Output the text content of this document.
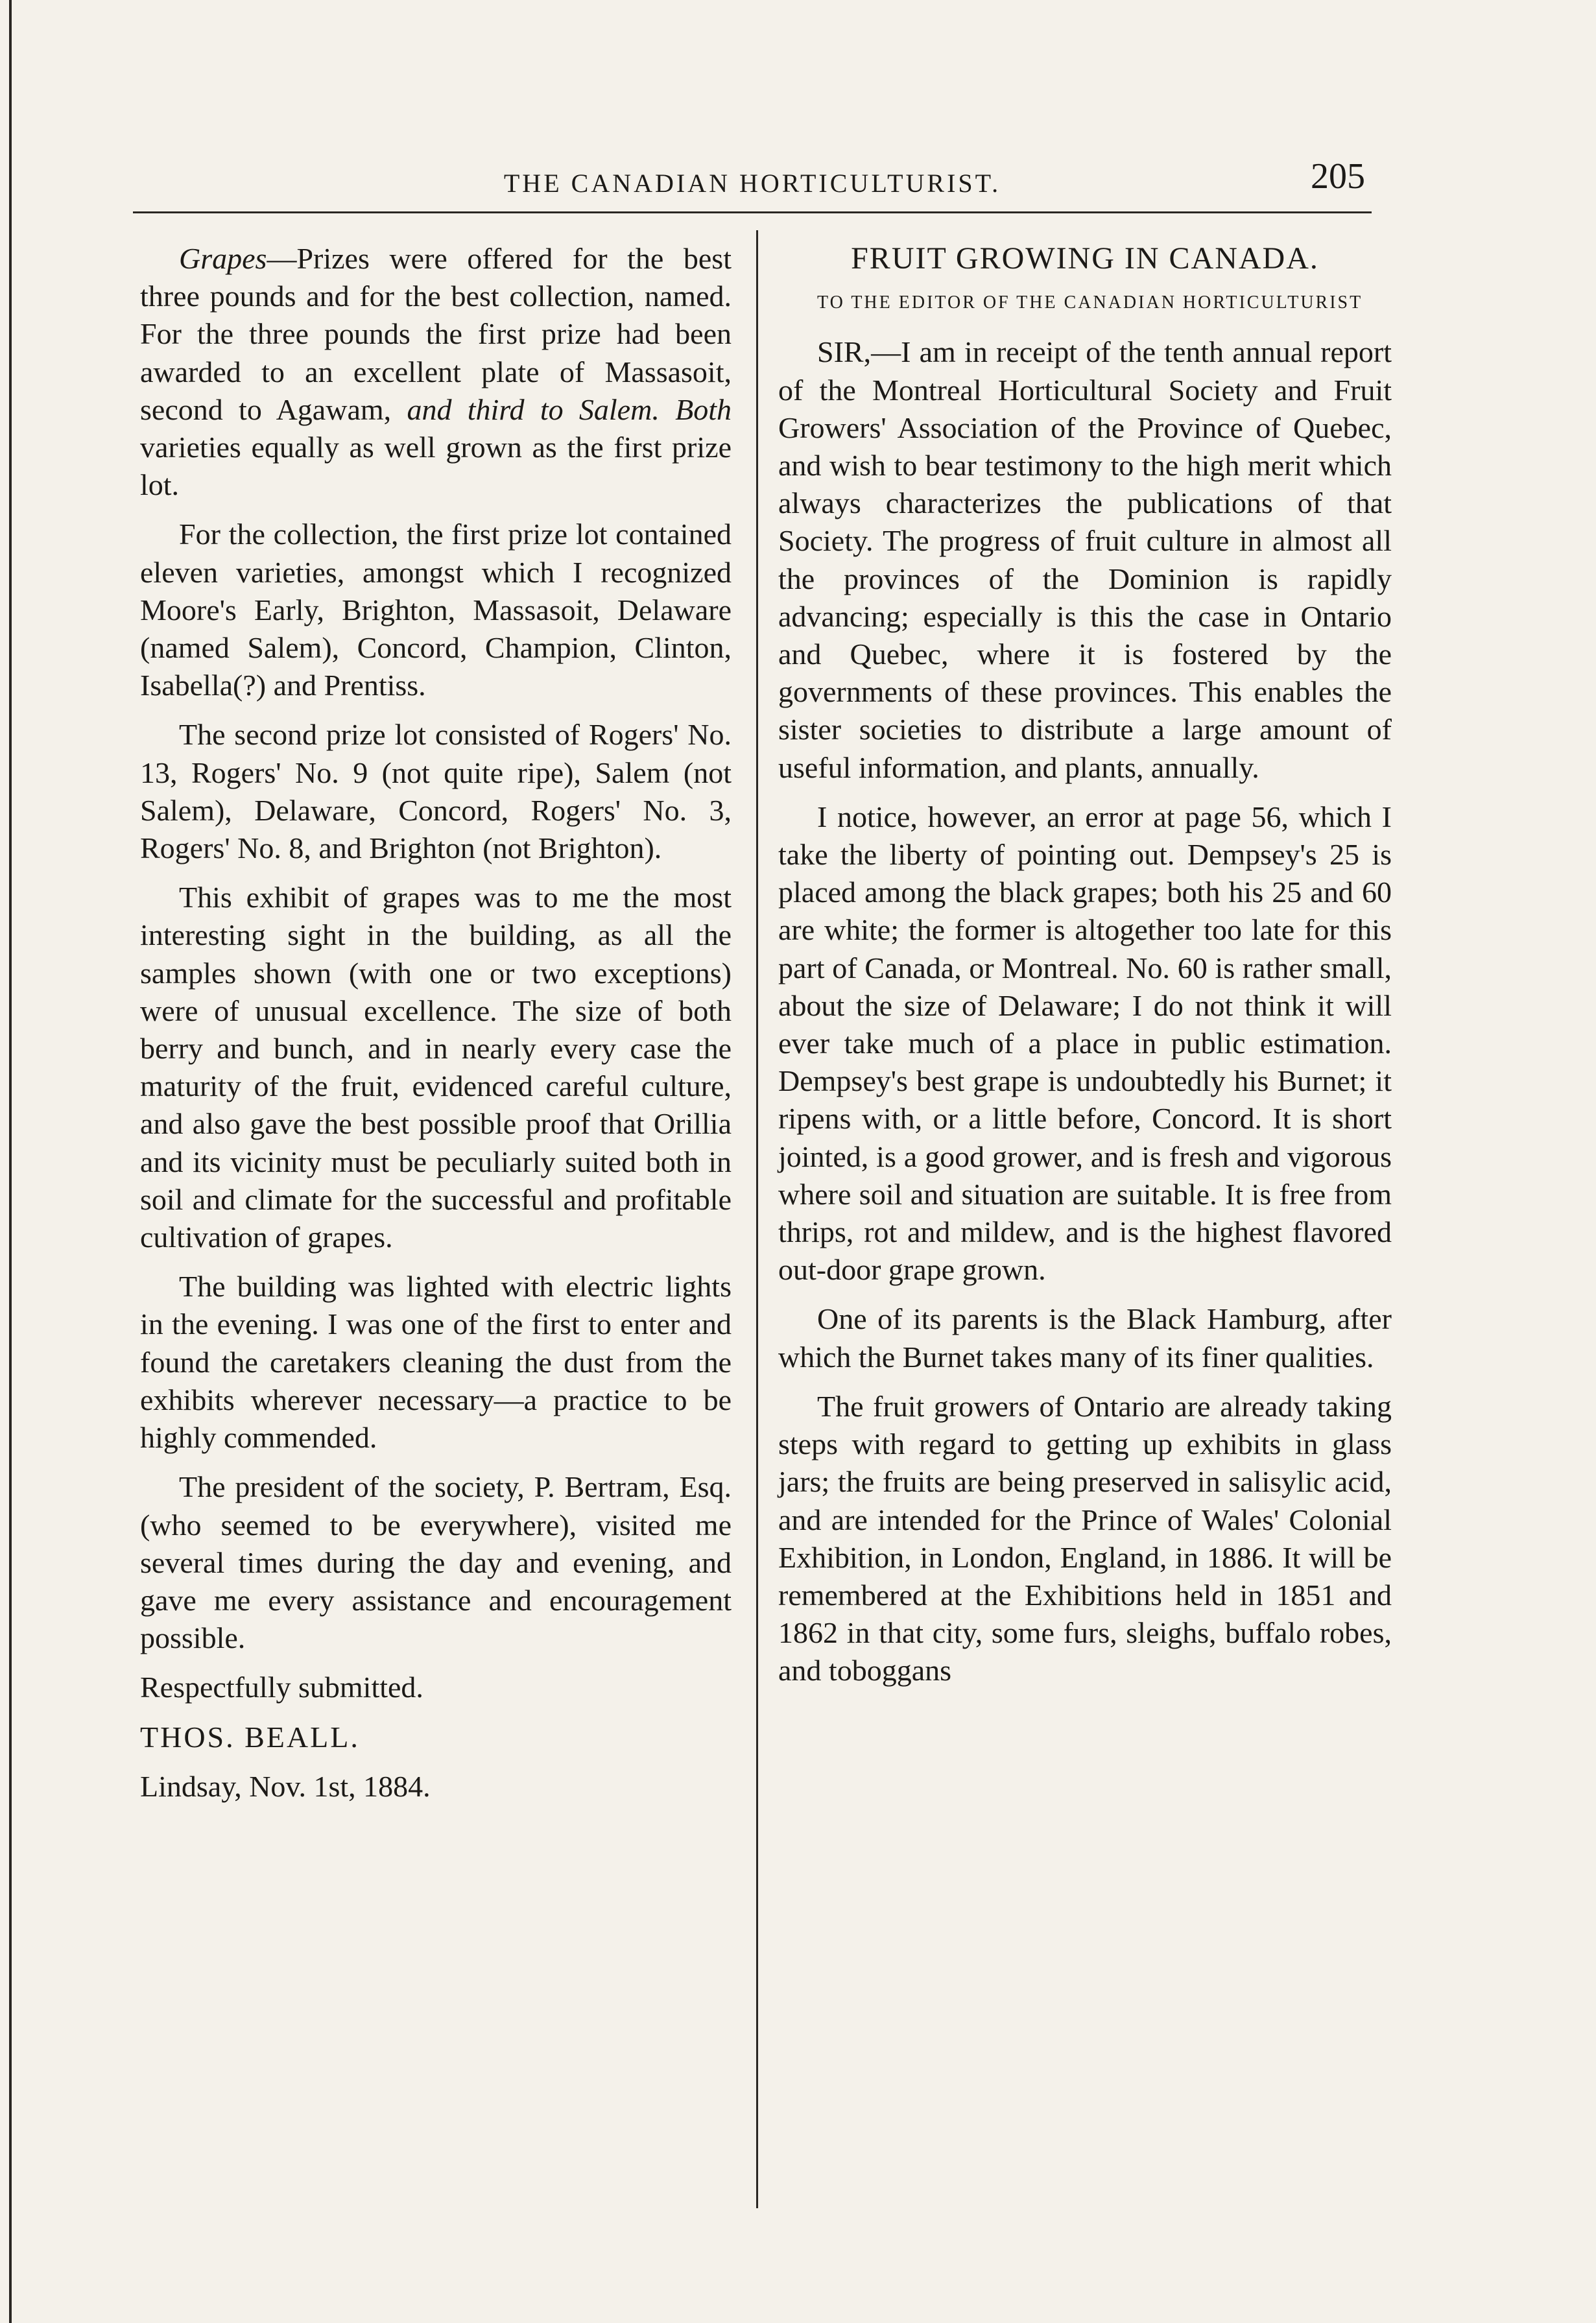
THE CANADIAN HORTICULTURIST.	205

Grapes—Prizes were offered for the best three pounds and for the best collection, named. For the three pounds the first prize had been awarded to an excellent plate of Massasoit, second to Agawam, and third to Salem. Both varieties equally as well grown as the first prize lot.

For the collection, the first prize lot contained eleven varieties, amongst which I recognized Moore's Early, Brighton, Massasoit, Delaware (named Salem), Concord, Champion, Clinton, Isabella(?) and Prentiss.

The second prize lot consisted of Rogers' No. 13, Rogers' No. 9 (not quite ripe), Salem (not Salem), Delaware, Concord, Rogers' No. 3, Rogers' No. 8, and Brighton (not Brighton).

This exhibit of grapes was to me the most interesting sight in the building, as all the samples shown (with one or two exceptions) were of unusual excellence. The size of both berry and bunch, and in nearly every case the maturity of the fruit, evidenced careful culture, and also gave the best possible proof that Orillia and its vicinity must be peculiarly suited both in soil and climate for the successful and profitable cultivation of grapes.

The building was lighted with electric lights in the evening. I was one of the first to enter and found the caretakers cleaning the dust from the exhibits wherever necessary—a practice to be highly commended.

The president of the society, P. Bertram, Esq. (who seemed to be everywhere), visited me several times during the day and evening, and gave me every assistance and encouragement possible.

Respectfully submitted.

THOS. BEALL.

Lindsay, Nov. 1st, 1884.

FRUIT GROWING IN CANADA.
TO THE EDITOR OF THE CANADIAN HORTICULTURIST

SIR,—I am in receipt of the tenth annual report of the Montreal Horticultural Society and Fruit Growers' Association of the Province of Quebec, and wish to bear testimony to the high merit which always characterizes the publications of that Society. The progress of fruit culture in almost all the provinces of the Dominion is rapidly advancing; especially is this the case in Ontario and Quebec, where it is fostered by the governments of these provinces. This enables the sister societies to distribute a large amount of useful information, and plants, annually.

I notice, however, an error at page 56, which I take the liberty of pointing out. Dempsey's 25 is placed among the black grapes; both his 25 and 60 are white; the former is altogether too late for this part of Canada, or Montreal. No. 60 is rather small, about the size of Delaware; I do not think it will ever take much of a place in public estimation. Dempsey's best grape is undoubtedly his Burnet; it ripens with, or a little before, Concord. It is short jointed, is a good grower, and is fresh and vigorous where soil and situation are suitable. It is free from thrips, rot and mildew, and is the highest flavored out-door grape grown.

One of its parents is the Black Hamburg, after which the Burnet takes many of its finer qualities.

The fruit growers of Ontario are already taking steps with regard to getting up exhibits in glass jars; the fruits are being preserved in salisylic acid, and are intended for the Prince of Wales' Colonial Exhibition, in London, England, in 1886. It will be remembered at the Exhibitions held in 1851 and 1862 in that city, some furs, sleighs, buffalo robes, and toboggans
